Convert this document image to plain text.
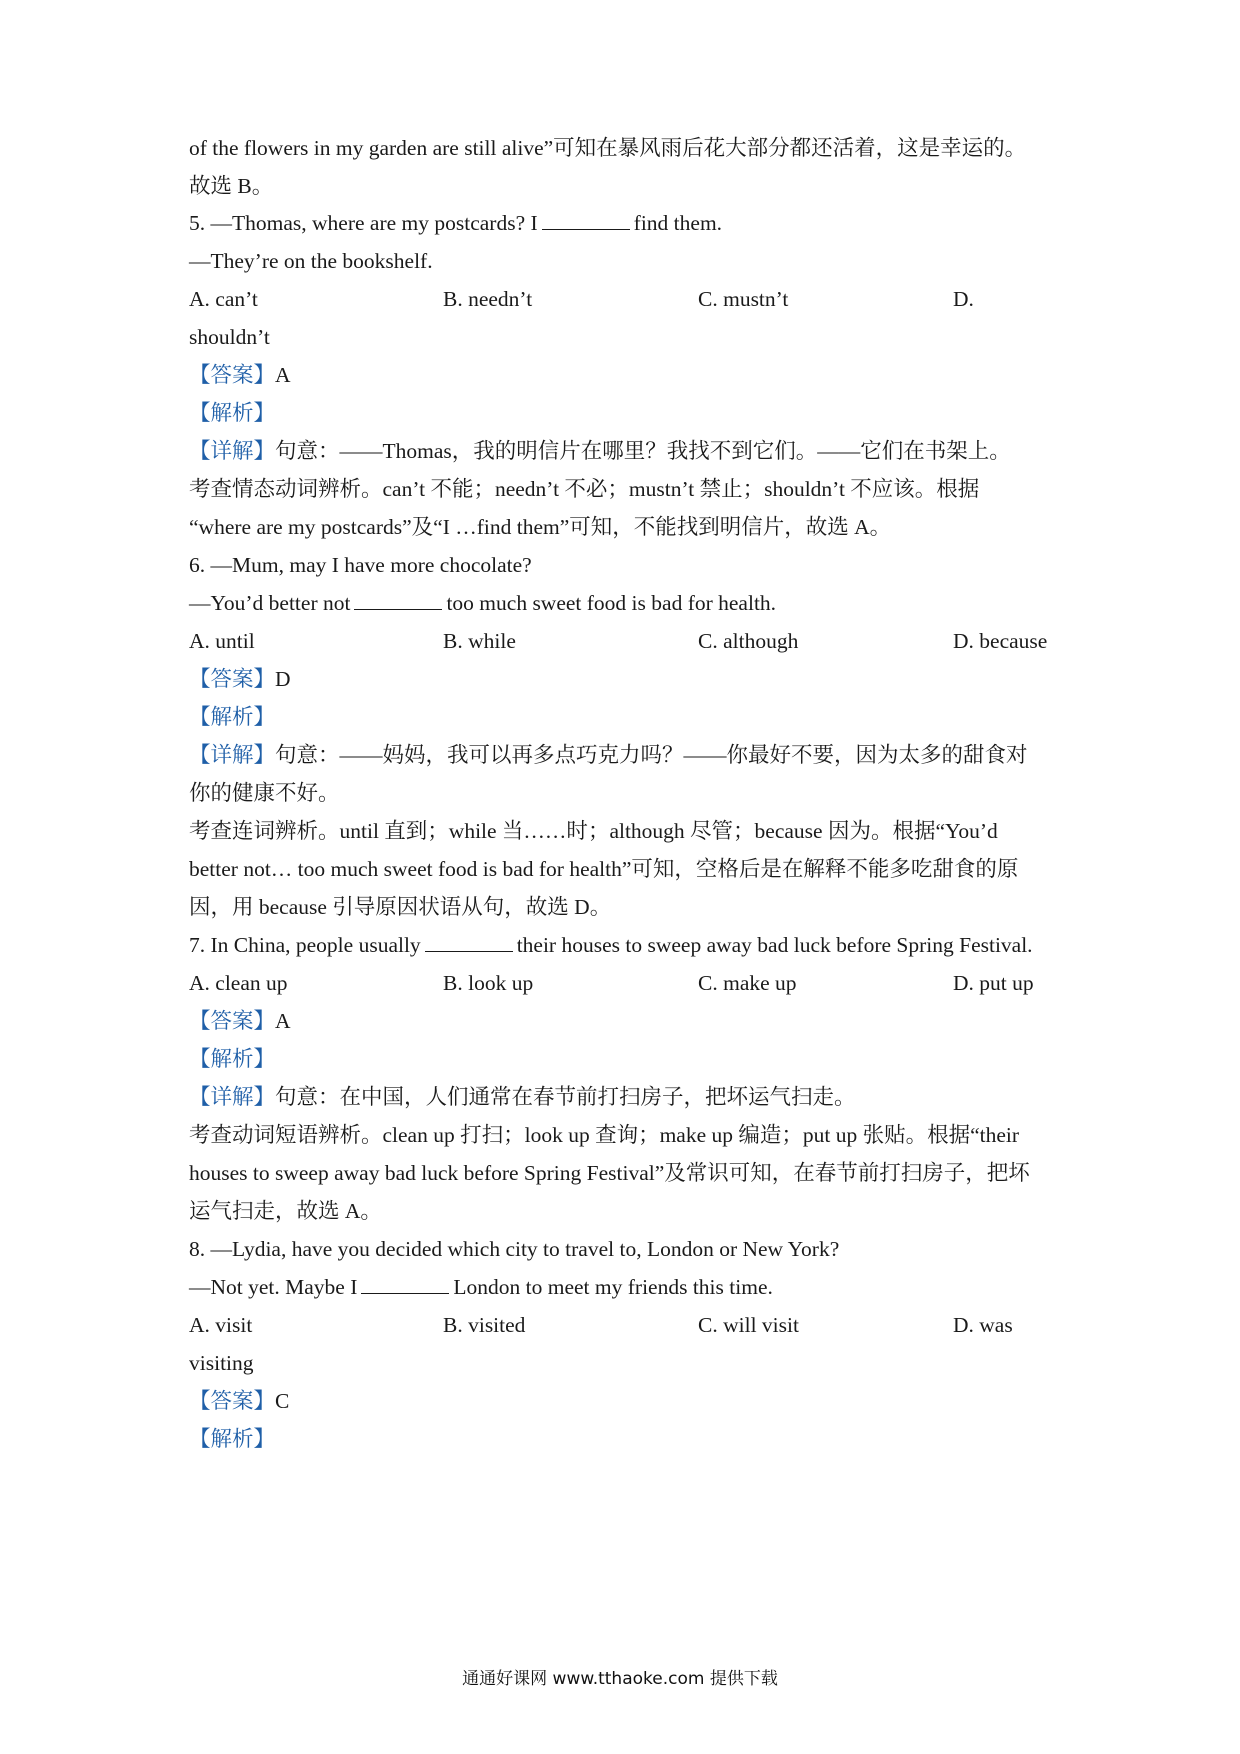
of the flowers in my garden are still alive”可知在暴风雨后花大部分都还活着，这是幸运的。
故选 B。
5. —Thomas, where are my postcards? I	find them.
—They’re on the bookshelf.
A. can’t	B. needn’t	C. mustn’t	D.
shouldn’t
【答案】A
【解析】
【详解】句意：——Thomas，我的明信片在哪里？我找不到它们。——它们在书架上。
考查情态动词辨析。can’t 不能；needn’t 不必；mustn’t 禁止；shouldn’t 不应该。根据
“where are my postcards”及“I …find them”可知，不能找到明信片，故选 A。
6. —Mum, may I have more chocolate?
—You’d better not	too much sweet food is bad for health.
A. until	B. while	C. although	D. because
【答案】D
【解析】
【详解】句意：——妈妈，我可以再多点巧克力吗？——你最好不要，因为太多的甜食对
你的健康不好。
考查连词辨析。until 直到；while 当……时；although 尽管；because 因为。根据“You’d
better not… too much sweet food is bad for health”可知，空格后是在解释不能多吃甜食的原
因，用 because 引导原因状语从句，故选 D。
7. In China, people usually	their houses to sweep away bad luck before Spring Festival.
A. clean up	B. look up	C. make up	D. put up
【答案】A
【解析】
【详解】句意：在中国，人们通常在春节前打扫房子，把坏运气扫走。
考查动词短语辨析。clean up 打扫；look up 查询；make up 编造；put up 张贴。根据“their
houses to sweep away bad luck before Spring Festival”及常识可知，在春节前打扫房子，把坏
运气扫走，故选 A。
8. —Lydia, have you decided which city to travel to, London or New York?
—Not yet. Maybe I	London to meet my friends this time.
A. visit	B. visited	C. will visit	D. was
visiting
【答案】C
【解析】
通通好课网 www.tthaoke.com 提供下载
